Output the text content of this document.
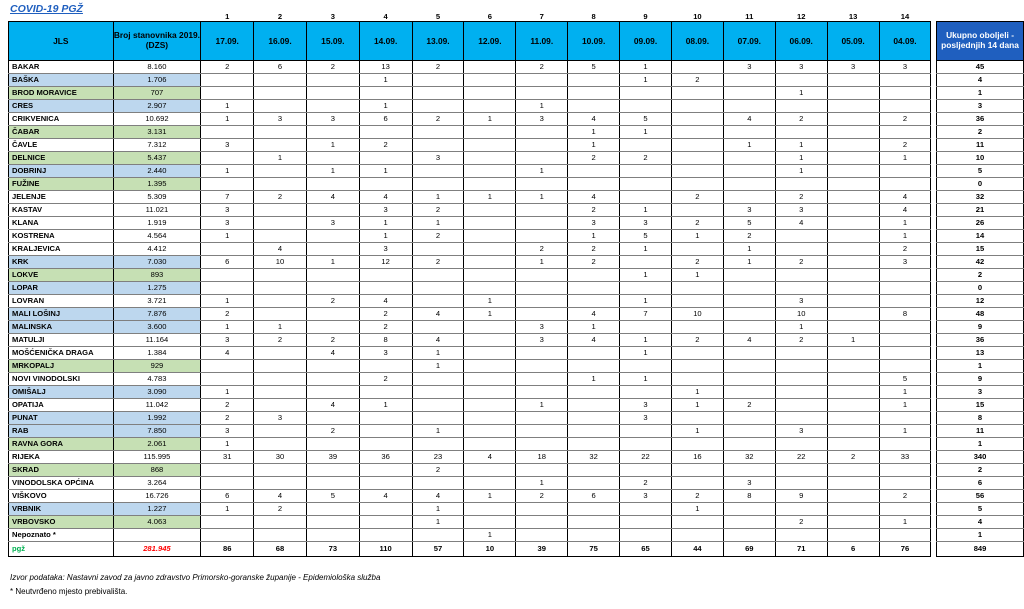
COVID-19 PGŽ
		1	2	3	4	5	6	7	8	9	10	11	12	13	14		
JLS	Broj stanovnika 2019. (DZS)	17.09.	16.09.	15.09.	14.09.	13.09.	12.09.	11.09.	10.09.	09.09.	08.09.	07.09.	06.09.	05.09.	04.09.		Ukupno oboljeli - posljednjih 14 dana
BAKAR	8.160	2	6	2	13	2		2	5	1		3	3	3	3		45
BAŠKA	1.706				1					1	2						4
BROD MORAVICE	707												1				1
CRES	2.907	1			1			1									3
CRIKVENICA	10.692	1	3	3	6	2	1	3	4	5		4	2		2		36
ČABAR	3.131								1	1							2
ČAVLE	7.312	3		1	2				1			1	1		2		11
DELNICE	5.437		1			3			2	2			1		1		10
DOBRINJ	2.440	1		1	1			1					1				5
FUŽINE	1.395																0
JELENJE	5.309	7	2	4	4	1	1	1	4		2		2		4		32
KASTAV	11.021	3			3	2			2	1		3	3		4		21
KLANA	1.919	3		3	1	1			3	3	2	5	4		1		26
KOSTRENA	4.564	1			1	2			1	5	1	2			1		14
KRALJEVICA	4.412		4		3			2	2	1		1			2		15
KRK	7.030	6	10	1	12	2		1	2		2	1	2		3		42
LOKVE	893									1	1						2
LOPAR	1.275																0
LOVRAN	3.721	1		2	4		1			1			3				12
MALI LOŠINJ	7.876	2			2	4	1		4	7	10		10		8		48
MALINSKA	3.600	1	1		2			3	1				1				9
MATULJI	11.164	3	2	2	8	4		3	4	1	2	4	2	1			36
MOŠĆENIČKA DRAGA	1.384	4		4	3	1				1							13
MRKOPALJ	929					1											1
NOVI VINODOLSKI	4.783				2				1	1					5		9
OMIŠALJ	3.090	1									1				1		3
OPATIJA	11.042	2		4	1			1		3	1	2			1		15
PUNAT	1.992	2	3							3							8
RAB	7.850	3		2		1					1		3		1		11
RAVNA GORA	2.061	1															1
RIJEKA	115.995	31	30	39	36	23	4	18	32	22	16	32	22	2	33		340
SKRAD	868					2											2
VINODOLSKA OPĆINA	3.264							1		2		3					6
VIŠKOVO	16.726	6	4	5	4	4	1	2	6	3	2	8	9		2		56
VRBNIK	1.227	1	2			1					1						5
VRBOVSKO	4.063					1							2		1		4
Nepoznato *							1										1
pgž	281.945	86	68	73	110	57	10	39	75	65	44	69	71	6	76		849
Izvor podataka: Nastavni zavod za javno zdravstvo Primorsko-goranske županije - Epidemiološka služba
* Neutvrđeno mjesto prebivališta.
